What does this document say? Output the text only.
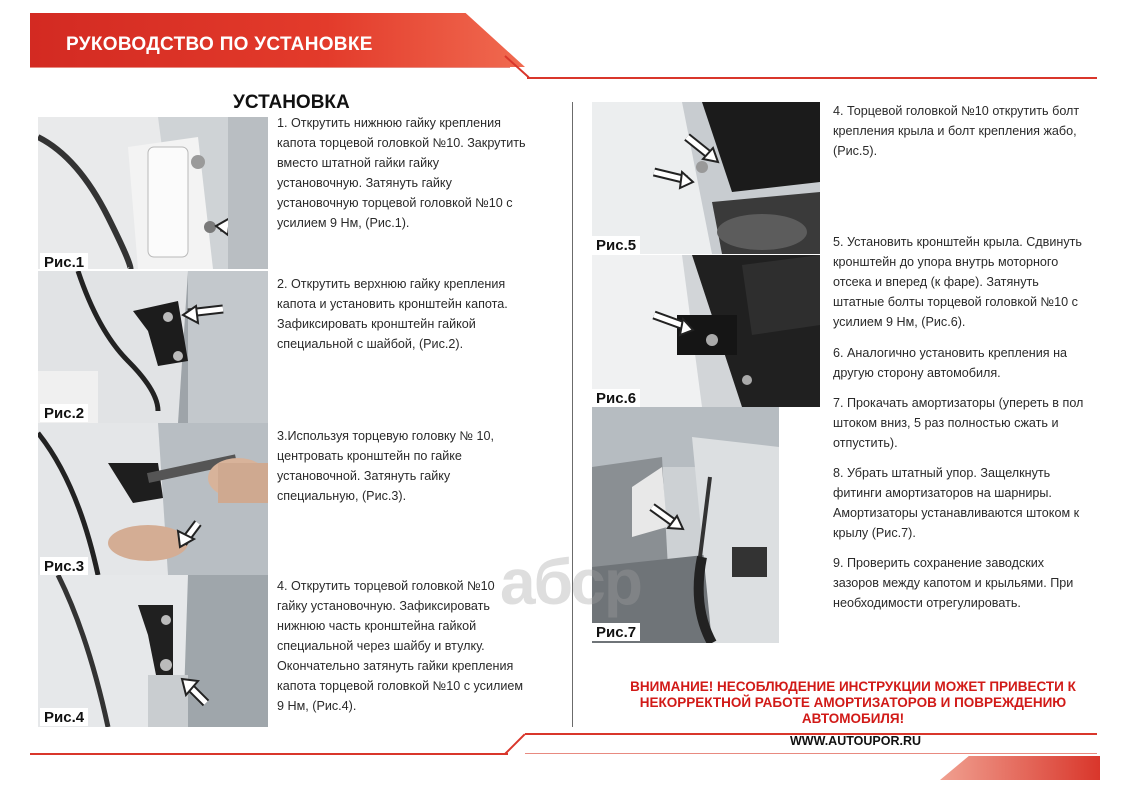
РУКОВОДСТВО ПО УСТАНОВКЕ
УСТАНОВКА
Рис.1
Рис.2
Рис.3
Рис.4
Рис.5
Рис.6
Рис.7
абср
1. Открутить нижнюю гайку крепления
капота торцевой головкой №10. Закрутить
вместо штатной гайки гайку
установочную. Затянуть гайку
установочную торцевой головкой №10 с
усилием 9 Нм, (Рис.1).
2. Открутить верхнюю гайку крепления
капота и установить кронштейн капота.
Зафиксировать кронштейн гайкой
специальной с шайбой, (Рис.2).
3.Используя торцевую головку № 10,
центровать кронштейн по гайке
установочной. Затянуть гайку
специальную, (Рис.3).
4. Открутить торцевой головкой №10
гайку установочную. Зафиксировать
нижнюю часть кронштейна гайкой
специальной через шайбу и втулку.
Окончательно затянуть гайки крепления
капота торцевой головкой №10 с усилием
9 Нм, (Рис.4).
4. Торцевой головкой №10 открутить болт
крепления крыла и болт крепления жабо,
(Рис.5).
5. Установить кронштейн крыла. Сдвинуть
кронштейн до упора внутрь моторного
отсека и вперед (к фаре). Затянуть
штатные болты торцевой головкой №10 с
усилием 9 Нм, (Рис.6).
6. Аналогично установить крепления на
другую сторону автомобиля.
7. Прокачать амортизаторы (упереть в пол
штоком вниз, 5 раз полностью сжать и
отпустить).
8. Убрать штатный упор. Защелкнуть
фитинги амортизаторов на шарниры.
Амортизаторы устанавливаются штоком к
крылу (Рис.7).
9. Проверить сохранение заводских
зазоров между капотом и крыльями. При
необходимости отрегулировать.
ВНИМАНИЕ! НЕСОБЛЮДЕНИЕ ИНСТРУКЦИИ МОЖЕТ ПРИВЕСТИ К
НЕКОРРЕКТНОЙ РАБОТЕ АМОРТИЗАТОРОВ И ПОВРЕЖДЕНИЮ
АВТОМОБИЛЯ!
WWW.AUTOUPOR.RU
